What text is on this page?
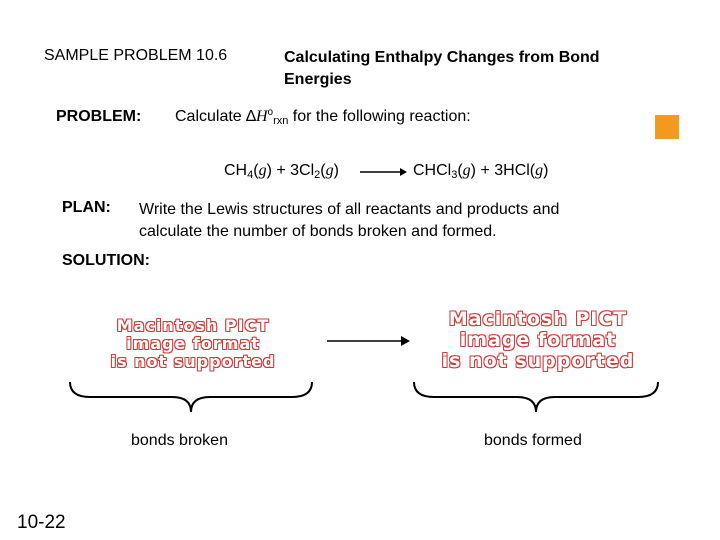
SAMPLE PROBLEM 10.6	Calculating Enthalpy Changes from Bond
Energies
PROBLEM: Calculate $\Delta H^o_{rxn}$ for the following reaction:
$CH_4(g) + 3Cl_2(g)$ → CHCl$_3$(g) + 3HCl(g)
PLAN: Write the Lewis structures of all reactants and products and
calculate the number of bonds broken and formed.
SOLUTION:
Macintosh PICT
image format
is not supported
Macintosh PICT
image format
is not supported
bonds broken	bonds formed
10-22
